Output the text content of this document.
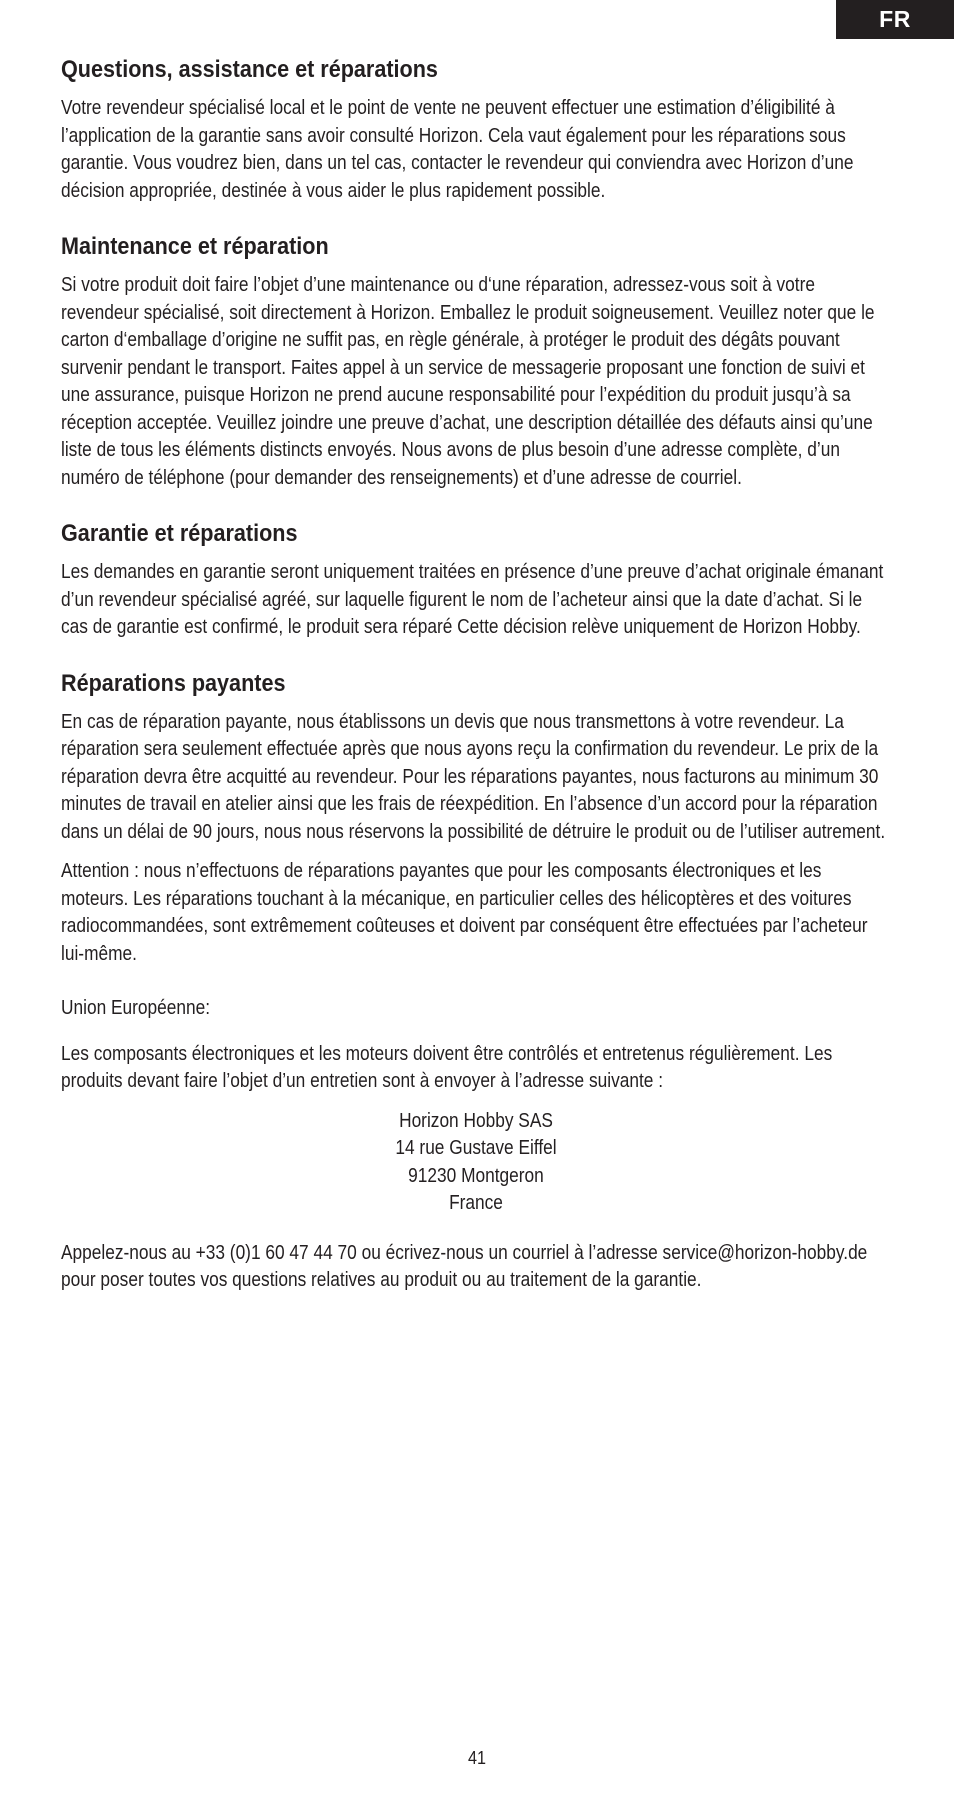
FR
Questions, assistance et réparations

Votre revendeur spécialisé local et le point de vente ne peuvent effectuer une estimation d’éligibilité à l’application de la garantie sans avoir consulté Horizon. Cela vaut également pour les réparations sous garantie. Vous voudrez bien, dans un tel cas, contacter le revendeur qui conviendra avec Horizon d’une décision appropriée, destinée à vous aider le plus rapidement possible.

Maintenance et réparation

Si votre produit doit faire l’objet d’une maintenance ou d‘une réparation, adressez-vous soit à votre revendeur spécialisé, soit directement à Horizon. Emballez le produit soigneusement. Veuillez noter que le carton d‘emballage d’origine ne suffit pas, en règle générale, à protéger le produit des dégâts pouvant survenir pendant le transport. Faites appel à un service de messagerie proposant une fonction de suivi et une assurance, puisque Horizon ne prend aucune responsabilité pour l’expédition du produit jusqu’à sa réception acceptée. Veuillez joindre une preuve d’achat, une description détaillée des défauts ainsi qu’une liste de tous les éléments distincts envoyés. Nous avons de plus besoin d’une adresse complète, d’un numéro de téléphone (pour demander des renseignements) et d’une adresse de courriel.

Garantie et réparations

Les demandes en garantie seront uniquement traitées en présence d’une preuve d’achat originale émanant d’un revendeur spécialisé agréé, sur laquelle figurent le nom de l’acheteur ainsi que la date d’achat. Si le cas de garantie est confirmé, le produit sera réparé Cette décision relève uniquement de Horizon Hobby.

Réparations payantes

En cas de réparation payante, nous établissons un devis que nous transmettons à votre revendeur. La réparation sera seulement effectuée après que nous ayons reçu la confirmation du revendeur. Le prix de la réparation devra être acquitté au revendeur. Pour les réparations payantes, nous facturons au minimum 30 minutes de travail en atelier ainsi que les frais de réexpédition. En l’absence d’un accord pour la réparation dans un délai de 90 jours, nous nous réservons la possibilité de détruire le produit ou de l’utiliser autrement.

Attention : nous n’effectuons de réparations payantes que pour les composants électroniques et les moteurs. Les réparations touchant à la mécanique, en particulier celles des hélicoptères et des voitures radiocommandées, sont extrêmement coûteuses et doivent par conséquent être effectuées par l’acheteur lui-même.

Union Européenne:

Les composants électroniques et les moteurs doivent être contrôlés et entretenus régulièrement. Les produits devant faire l’objet d’un entretien sont à envoyer à l’adresse suivante :

Horizon Hobby SAS
14 rue Gustave Eiffel
91230 Montgeron
France

Appelez-nous au +33 (0)1 60 47 44 70 ou écrivez-nous un courriel à l’adresse service@horizon-hobby.de pour poser toutes vos questions relatives au produit ou au traitement de la garantie.

41
